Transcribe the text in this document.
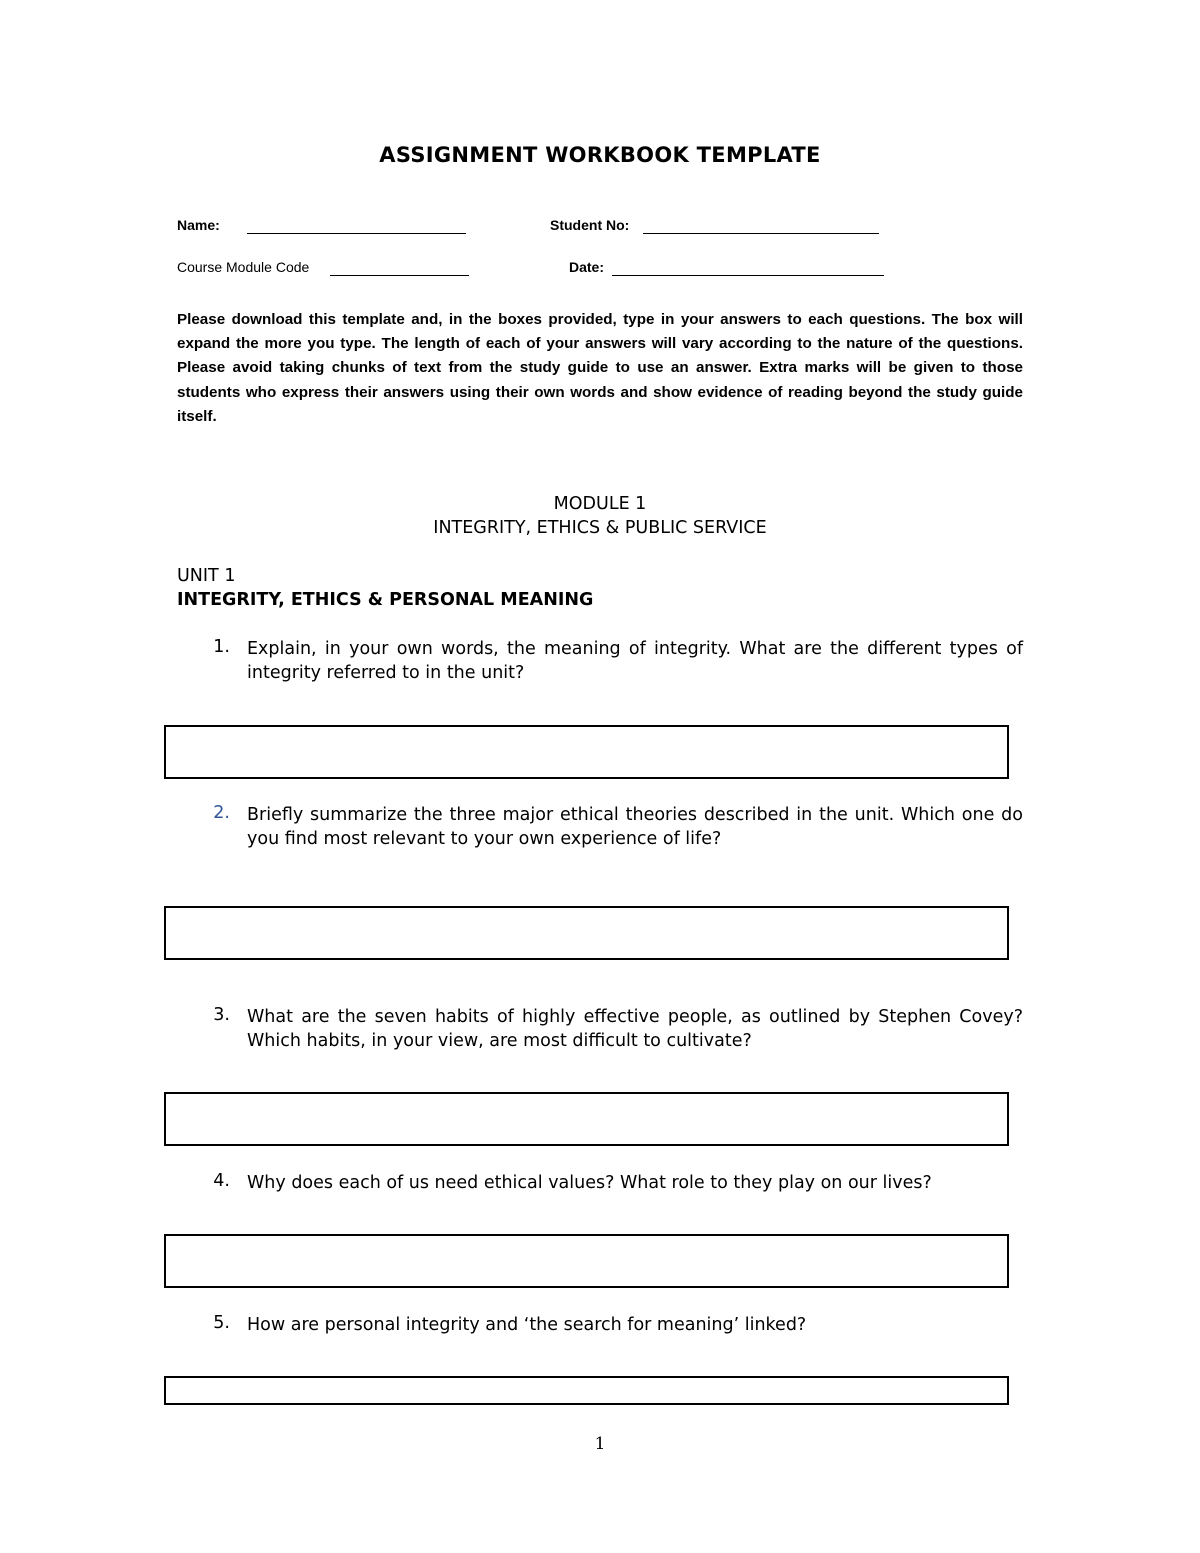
ASSIGNMENT WORKBOOK TEMPLATE
Name:	Student No:
Course Module Code	Date:
Please download this template and, in the boxes provided, type in your answers to each questions. The box will expand the more you type. The length of each of your answers will vary according to the nature of the questions. Please avoid taking chunks of text from the study guide to use an answer. Extra marks will be given to those students who express their answers using their own words and show evidence of reading beyond the study guide itself.
MODULE 1
INTEGRITY, ETHICS & PUBLIC SERVICE
UNIT 1
INTEGRITY, ETHICS & PERSONAL MEANING
1. Explain, in your own words, the meaning of integrity. What are the different types of integrity referred to in the unit?
2. Briefly summarize the three major ethical theories described in the unit. Which one do you find most relevant to your own experience of life?
3. What are the seven habits of highly effective people, as outlined by Stephen Covey? Which habits, in your view, are most difficult to cultivate?
4. Why does each of us need ethical values? What role to they play on our lives?
5. How are personal integrity and ‘the search for meaning’ linked?
1
